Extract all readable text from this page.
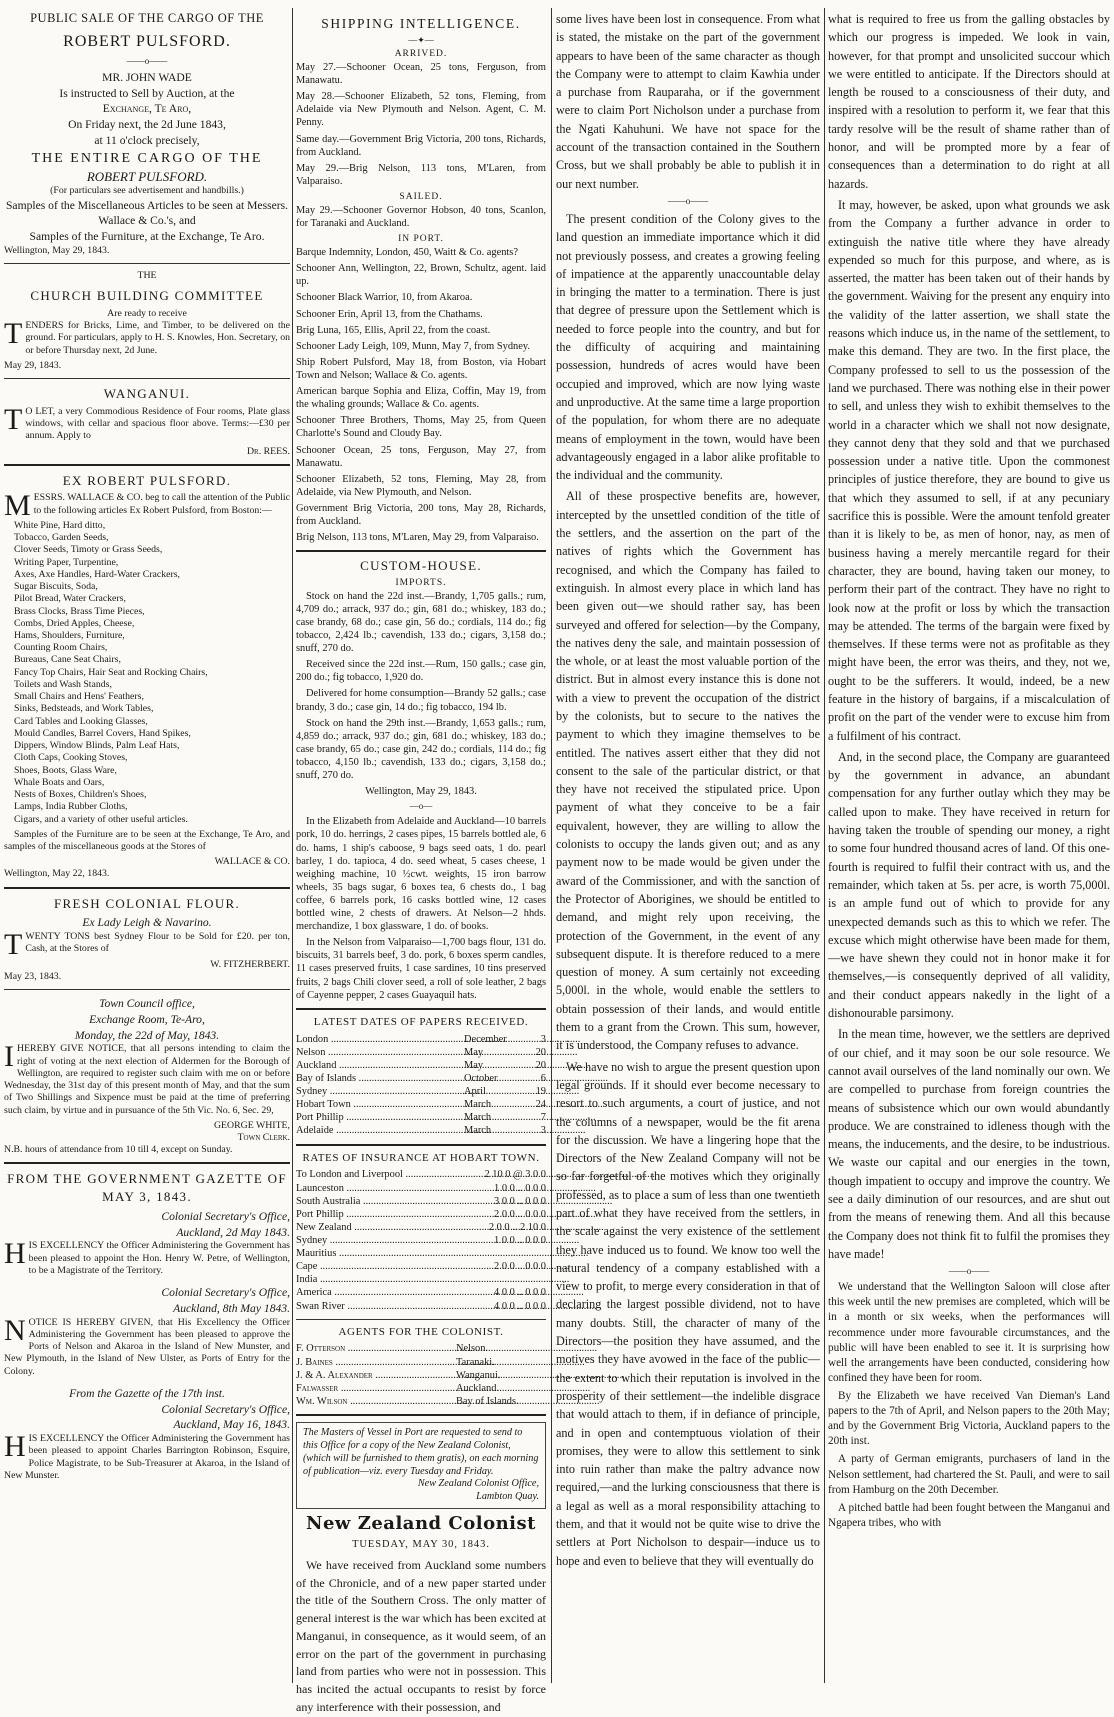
PUBLIC SALE OF THE CARGO OF THE
ROBERT PULSFORD.
——o——
MR. JOHN WADE
Is instructed to Sell by Auction, at the
Exchange, Te Aro,
On Friday next, the 2d June 1843,
at 11 o'clock precisely,
THE ENTIRE CARGO OF THE
ROBERT PULSFORD.
(For particulars see advertisement and handbills.)
Samples of the Miscellaneous Articles to be seen at Messers. Wallace & Co.'s, and
Samples of the Furniture, at the Exchange, Te Aro.
Wellington, May 29, 1843.
THE
CHURCH BUILDING COMMITTEE
Are ready to receive

TENDERS for Bricks, Lime, and Timber, to be delivered on the ground. For particulars, apply to H. S. Knowles, Hon. Secretary, on or before Thursday next, 2d June.

May 29, 1843.
WANGANUI.

T O LET, a very Commodious Residence of Four rooms, Plate glass windows, with cellar and spacious floor above. Terms:—£30 per annum. Apply to

Dr. REES.
EX ROBERT PULSFORD.

MESSRS. WALLACE & CO. beg to call the attention of the Public to the following articles Ex Robert Pulsford, from Boston:—

White Pine, Hard ditto,
Tobacco, Garden Seeds,
Clover Seeds, Timoty or Grass Seeds,
Writing Paper, Turpentine,
Axes, Axe Handles, Hard-Water Crackers,
Sugar Biscuits, Soda,
Pilot Bread, Water Crackers,
Brass Clocks, Brass Time Pieces,
Combs, Dried Apples, Cheese,
Hams, Shoulders, Furniture,
Counting Room Chairs,
Bureaus, Cane Seat Chairs,
Fancy Top Chairs, Hair Seat and Rocking Chairs,
Toilets and Wash Stands,
Small Chairs and Hens' Feathers,
Sinks, Bedsteads, and Work Tables,
Card Tables and Looking Glasses,
Mould Candles, Barrel Covers, Hand Spikes,
Dippers, Window Blinds, Palm Leaf Hats,
Cloth Caps, Cooking Stoves,
Shoes, Boots, Glass Ware,
Whale Boats and Oars,
Nests of Boxes, Children's Shoes,
Lamps, India Rubber Cloths,
Cigars, and a variety of other useful articles.

Samples of the Furniture are to be seen at the Exchange, Te Aro, and samples of the miscellaneous goods at the Stores of

WALLACE & CO.
Wellington, May 22, 1843.
FRESH COLONIAL FLOUR.
Ex Lady Leigh & Navarino.

TWENTY TONS best Sydney Flour to be Sold for £20. per ton, Cash, at the Stores of

W. FITZHERBERT.
May 23, 1843.
Town Council office,
Exchange Room, Te-Aro,
Monday, the 22d of May, 1843.

IHEREBY GIVE NOTICE, that all persons intending to claim the right of voting at the next election of Aldermen for the Borough of Wellington, are required to register such claim with me on or before Wednesday, the 31st day of this present month of May, and that the sum of Two Shillings and Sixpence must be paid at the time of preferring such claim, by virtue and in pursuance of the 5th Vic. No. 6, Sec. 29,

GEORGE WHITE,
Town Clerk.
N.B. hours of attendance from 10 till 4, except on Sunday.
FROM THE GOVERNMENT GAZETTE OF MAY 3, 1843.
Colonial Secretary's Office,
Auckland, 2d May 1843.

HIS EXCELLENCY the Officer Administering the Government has been pleased to appoint the Hon. Henry W. Petre, of Wellington, to be a Magistrate of the Territory.

Colonial Secretary's Office,
Auckland, 8th May 1843.

NOTICE IS HEREBY GIVEN, that His Excellency the Officer Administering the Government has been pleased to approve the Ports of Nelson and Akaroa in the Island of New Munster, and New Plymouth, in the Island of New Ulster, as Ports of Entry for the Colony.

From the Gazette of the 17th inst.
Colonial Secretary's Office,
Auckland, May 16, 1843.

HIS EXCELLENCY the Officer Administering the Government has been pleased to appoint Charles Barrington Robinson, Esquire, Police Magistrate, to be Sub-Treasurer at Akaroa, in the Island of New Munster.

SHIPPING INTELLIGENCE.
—✦—
ARRIVED.

May 27.—Schooner Ocean, 25 tons, Ferguson, from Manawatu.

May 28.—Schooner Elizabeth, 52 tons, Fleming, from Adelaide via New Plymouth and Nelson. Agent, C. M. Penny.

Same day.—Government Brig Victoria, 200 tons, Richards, from Auckland.

May 29.—Brig Nelson, 113 tons, M'Laren, from Valparaiso.

SAILED.

May 29.—Schooner Governor Hobson, 40 tons, Scanlon, for Taranaki and Auckland.

IN PORT.

Barque Indemnity, London, 450, Waitt & Co. agents?

Schooner Ann, Wellington, 22, Brown, Schultz, agent. laid up.

Schooner Black Warrior, 10, from Akaroa.

Schooner Erin, April 13, from the Chathams.

Brig Luna, 165, Ellis, April 22, from the coast.

Schooner Lady Leigh, 109, Munn, May 7, from Sydney.

Ship Robert Pulsford, May 18, from Boston, via Hobart Town and Nelson; Wallace & Co. agents.

American barque Sophia and Eliza, Coffin, May 19, from the whaling grounds; Wallace & Co. agents.

Schooner Three Brothers, Thoms, May 25, from Queen Charlotte's Sound and Cloudy Bay.

Schooner Ocean, 25 tons, Ferguson, May 27, from Manawatu.

Schooner Elizabeth, 52 tons, Fleming, May 28, from Adelaide, via New Plymouth, and Nelson.

Government Brig Victoria, 200 tons, May 28, Richards, from Auckland.

Brig Nelson, 113 tons, M'Laren, May 29, from Valparaiso.

CUSTOM-HOUSE.
IMPORTS.

Stock on hand the 22d inst.—Brandy, 1,705 galls.; rum, 4,709 do.; arrack, 937 do.; gin, 681 do.; whiskey, 183 do.; case brandy, 68 do.; case gin, 56 do.; cordials, 114 do.; fig tobacco, 2,424 lb.; cavendish, 133 do.; cigars, 3,158 do.; snuff, 270 do.

Received since the 22d inst.—Rum, 150 galls.; case gin, 200 do.; fig tobacco, 1,920 do.

Delivered for home consumption—Brandy 52 galls.; case brandy, 3 do.; case gin, 14 do.; fig tobacco, 194 lb.

Stock on hand the 29th inst.—Brandy, 1,653 galls.; rum, 4,859 do.; arrack, 937 do.; gin, 681 do.; whiskey, 183 do.; case brandy, 65 do.; case gin, 242 do.; cordials, 114 do.; fig tobacco, 4,150 lb.; cavendish, 133 do.; cigars, 3,158 do.; snuff, 270 do.

Wellington, May 29, 1843.
—o—

In the Elizabeth from Adelaide and Auckland—10 barrels pork, 10 do. herrings, 2 cases pipes, 15 barrels bottled ale, 6 do. hams, 1 ship's caboose, 9 bags seed oats, 1 do. pearl barley, 1 do. tapioca, 4 do. seed wheat, 5 cases cheese, 1 weighing machine, 10 ½cwt. weights, 15 iron barrow wheels, 35 bags sugar, 6 boxes tea, 6 chests do., 1 bag coffee, 6 barrels pork, 16 casks bottled wine, 12 cases bottled wine, 2 chests of drawers. At Nelson—2 hhds. merchandize, 1 box glassware, 1 do. of books.

In the Nelson from Valparaiso—1,700 bags flour, 131 do. biscuits, 31 barrels beef, 3 do. pork, 6 boxes sperm candles, 11 cases preserved fruits, 1 case sardines, 10 tins preserved fruits, 2 bags Chili clover seed, a roll of sole leather, 2 bags of Cayenne pepper, 2 cases Guayaquil hats.

LATEST DATES OF PAPERS RECEIVED.
London .....	December	3
Nelson .....	May	20
Auckland .....	May	20
Bay of Islands .....	October	6
Sydney .....	April	19
Hobart Town .....	March	24
Port Phillip .....	March	7
Adelaide .....	March	3
RATES OF INSURANCE AT HOBART TOWN.
To London and Liverpool .....	2 10 0 @ 3 0 0
Launceston .....	1 0 0 .. 0 0 0
South Australia .....	3 0 0 .. 0 0 0
Port Phillip .....	2 0 0 .. 0 0 0
New Zealand .....	2 0 0 .. 2 10 0
Sydney .....	1 0 0 .. 0 0 0
Mauritius .....	
Cape .....	2 0 0 .. 0 0 0
India .....	
America .....	4 0 0 .. 0 0 0
Swan River .....	4 0 0 .. 0 0 0
AGENTS FOR THE COLONIST.
F. Otterson .....	Nelson.
J. Baines .....	Taranaki.
J. & A. Alexander .....	Wanganui.
Falwasser .....	Auckland.
Wm. Wilson .....	Bay of Islands.
The Masters of Vessel in Port are requested to send to this Office for a copy of the New Zealand Colonist, (which will be furnished to them gratis), on each morning of publication—viz. every Tuesday and Friday.
New Zealand Colonist Office,
Lambton Quay.
New Zealand Colonist
TUESDAY, MAY 30, 1843.

We have received from Auckland some numbers of the Chronicle, and of a new paper started under the title of the Southern Cross. The only matter of general interest is the war which has been excited at Manganui, in consequence, as it would seem, of an error on the part of the government in purchasing land from parties who were not in possession. This has incited the actual occupants to resist by force any interference with their possession, and

some lives have been lost in consequence. From what is stated, the mistake on the part of the government appears to have been of the same character as though the Company were to attempt to claim Kawhia under a purchase from Rauparaha, or if the government were to claim Port Nicholson under a purchase from the Ngati Kahuhuni. We have not space for the account of the transaction contained in the Southern Cross, but we shall probably be able to publish it in our next number.

——o——

The present condition of the Colony gives to the land question an immediate importance which it did not previously possess, and creates a growing feeling of impatience at the apparently unaccountable delay in bringing the matter to a termination. There is just that degree of pressure upon the Settlement which is needed to force people into the country, and but for the difficulty of acquiring and maintaining possession, hundreds of acres would have been occupied and improved, which are now lying waste and unproductive. At the same time a large proportion of the population, for whom there are no adequate means of employment in the town, would have been advantageously engaged in a labor alike profitable to the individual and the community.

All of these prospective benefits are, however, intercepted by the unsettled condition of the title of the settlers, and the assertion on the part of the natives of rights which the Government has recognised, and which the Company has failed to extinguish. In almost every place in which land has been given out—we should rather say, has been surveyed and offered for selection—by the Company, the natives deny the sale, and maintain possession of the whole, or at least the most valuable portion of the district. But in almost every instance this is done not with a view to prevent the occupation of the district by the colonists, but to secure to the natives the payment to which they imagine themselves to be entitled. The natives assert either that they did not consent to the sale of the particular district, or that they have not received the stipulated price. Upon payment of what they conceive to be a fair equivalent, however, they are willing to allow the colonists to occupy the lands given out; and as any payment now to be made would be given under the award of the Commissioner, and with the sanction of the Protector of Aborigines, we should be entitled to demand, and might rely upon receiving, the protection of the Government, in the event of any subsequent dispute. It is therefore reduced to a mere question of money. A sum certainly not exceeding 5,000l. in the whole, would enable the settlers to obtain possession of their lands, and would entitle them to a grant from the Crown. This sum, however, it is understood, the Company refuses to advance.

We have no wish to argue the present question upon legal grounds. If it should ever become necessary to resort to such arguments, a court of justice, and not the columns of a newspaper, would be the fit arena for the discussion. We have a lingering hope that the Directors of the New Zealand Company will not be so far forgetful of the motives which they originally professed, as to place a sum of less than one twentieth part of what they have received from the settlers, in the scale against the very existence of the settlement they have induced us to found. We know too well the natural tendency of a company established with a view to profit, to merge every consideration in that of declaring the largest possible dividend, not to have many doubts. Still, the character of many of the Directors—the position they have assumed, and the motives they have avowed in the face of the public—the extent to which their reputation is involved in the prosperity of their settlement—the indelible disgrace that would attach to them, if in defiance of principle, and in open and contemptuous violation of their promises, they were to allow this settlement to sink into ruin rather than make the paltry advance now required,—and the lurking consciousness that there is a legal as well as a moral responsibility attaching to them, and that it would not be quite wise to drive the settlers at Port Nicholson to despair—induce us to hope and even to believe that they will eventually do

what is required to free us from the galling obstacles by which our progress is impeded. We look in vain, however, for that prompt and unsolicited succour which we were entitled to anticipate. If the Directors should at length be roused to a consciousness of their duty, and inspired with a resolution to perform it, we fear that this tardy resolve will be the result of shame rather than of honor, and will be prompted more by a fear of consequences than a determination to do right at all hazards.

It may, however, be asked, upon what grounds we ask from the Company a further advance in order to extinguish the native title where they have already expended so much for this purpose, and where, as is asserted, the matter has been taken out of their hands by the government. Waiving for the present any enquiry into the validity of the latter assertion, we shall state the reasons which induce us, in the name of the settlement, to make this demand. They are two. In the first place, the Company professed to sell to us the possession of the land we purchased. There was nothing else in their power to sell, and unless they wish to exhibit themselves to the world in a character which we shall not now designate, they cannot deny that they sold and that we purchased possession under a native title. Upon the commonest principles of justice therefore, they are bound to give us that which they assumed to sell, if at any pecuniary sacrifice this is possible. Were the amount tenfold greater than it is likely to be, as men of honor, nay, as men of business having a merely mercantile regard for their character, they are bound, having taken our money, to perform their part of the contract. They have no right to look now at the profit or loss by which the transaction may be attended. The terms of the bargain were fixed by themselves. If these terms were not as profitable as they might have been, the error was theirs, and they, not we, ought to be the sufferers. It would, indeed, be a new feature in the history of bargains, if a miscalculation of profit on the part of the vender were to excuse him from a fulfilment of his contract.

And, in the second place, the Company are guaranteed by the government in advance, an abundant compensation for any further outlay which they may be called upon to make. They have received in return for having taken the trouble of spending our money, a right to some four hundred thousand acres of land. Of this one-fourth is required to fulfil their contract with us, and the remainder, which taken at 5s. per acre, is worth 75,000l. is an ample fund out of which to provide for any unexpected demands such as this to which we refer. The excuse which might otherwise have been made for them, —we have shewn they could not in honor make it for themselves,—is consequently deprived of all validity, and their conduct appears nakedly in the light of a dishonourable parsimony.

In the mean time, however, we the settlers are deprived of our chief, and it may soon be our sole resource. We cannot avail ourselves of the land nominally our own. We are compelled to purchase from foreign countries the means of subsistence which our own would abundantly produce. We are constrained to idleness though with the means, the inducements, and the desire, to be industrious. We waste our capital and our energies in the town, though impatient to occupy and improve the country. We see a daily diminution of our resources, and are shut out from the means of renewing them. And all this because the Company does not think fit to fulfil the promises they have made!

——o——

We understand that the Wellington Saloon will close after this week until the new premises are completed, which will be in a month or six weeks, when the performances will recommence under more favourable circumstances, and the public will have been enabled to see it. It is surprising how well the arrangements have been conducted, considering how confined they have been for room.

By the Elizabeth we have received Van Dieman's Land papers to the 7th of April, and Nelson papers to the 20th May; and by the Government Brig Victoria, Auckland papers to the 20th inst.

A party of German emigrants, purchasers of land in the Nelson settlement, had chartered the St. Pauli, and were to sail from Hamburg on the 20th December.

A pitched battle had been fought between the Manganui and Ngapera tribes, who with
